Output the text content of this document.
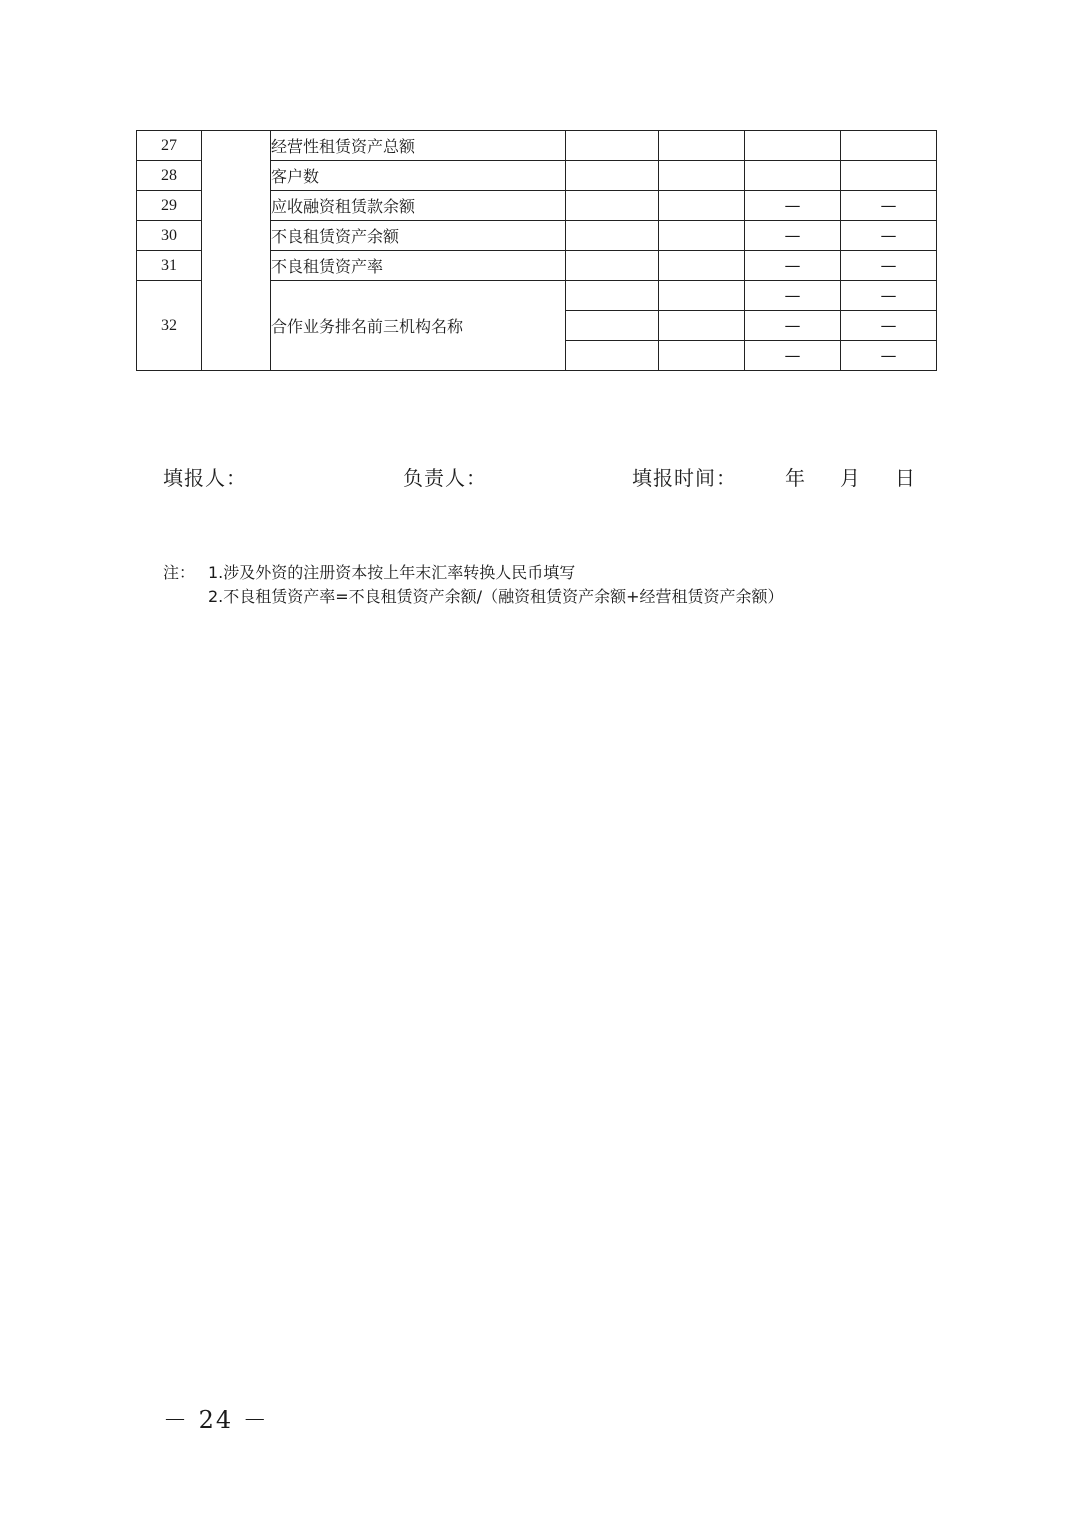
27		经营性租赁资产总额				
28		客户数				
29		应收融资租赁款余额			—	—
30		不良租赁资产余额			—	—
31		不良租赁资产率			—	—
32		合作业务排名前三机构名称			—	—
					—	—
					—	—
填报人：	负责人：	填报时间： 年 月 日
注： 1.涉及外资的注册资本按上年末汇率转换人民币填写
2.不良租赁资产率=不良租赁资产余额/（融资租赁资产余额+经营租赁资产余额）
－ 24 －
